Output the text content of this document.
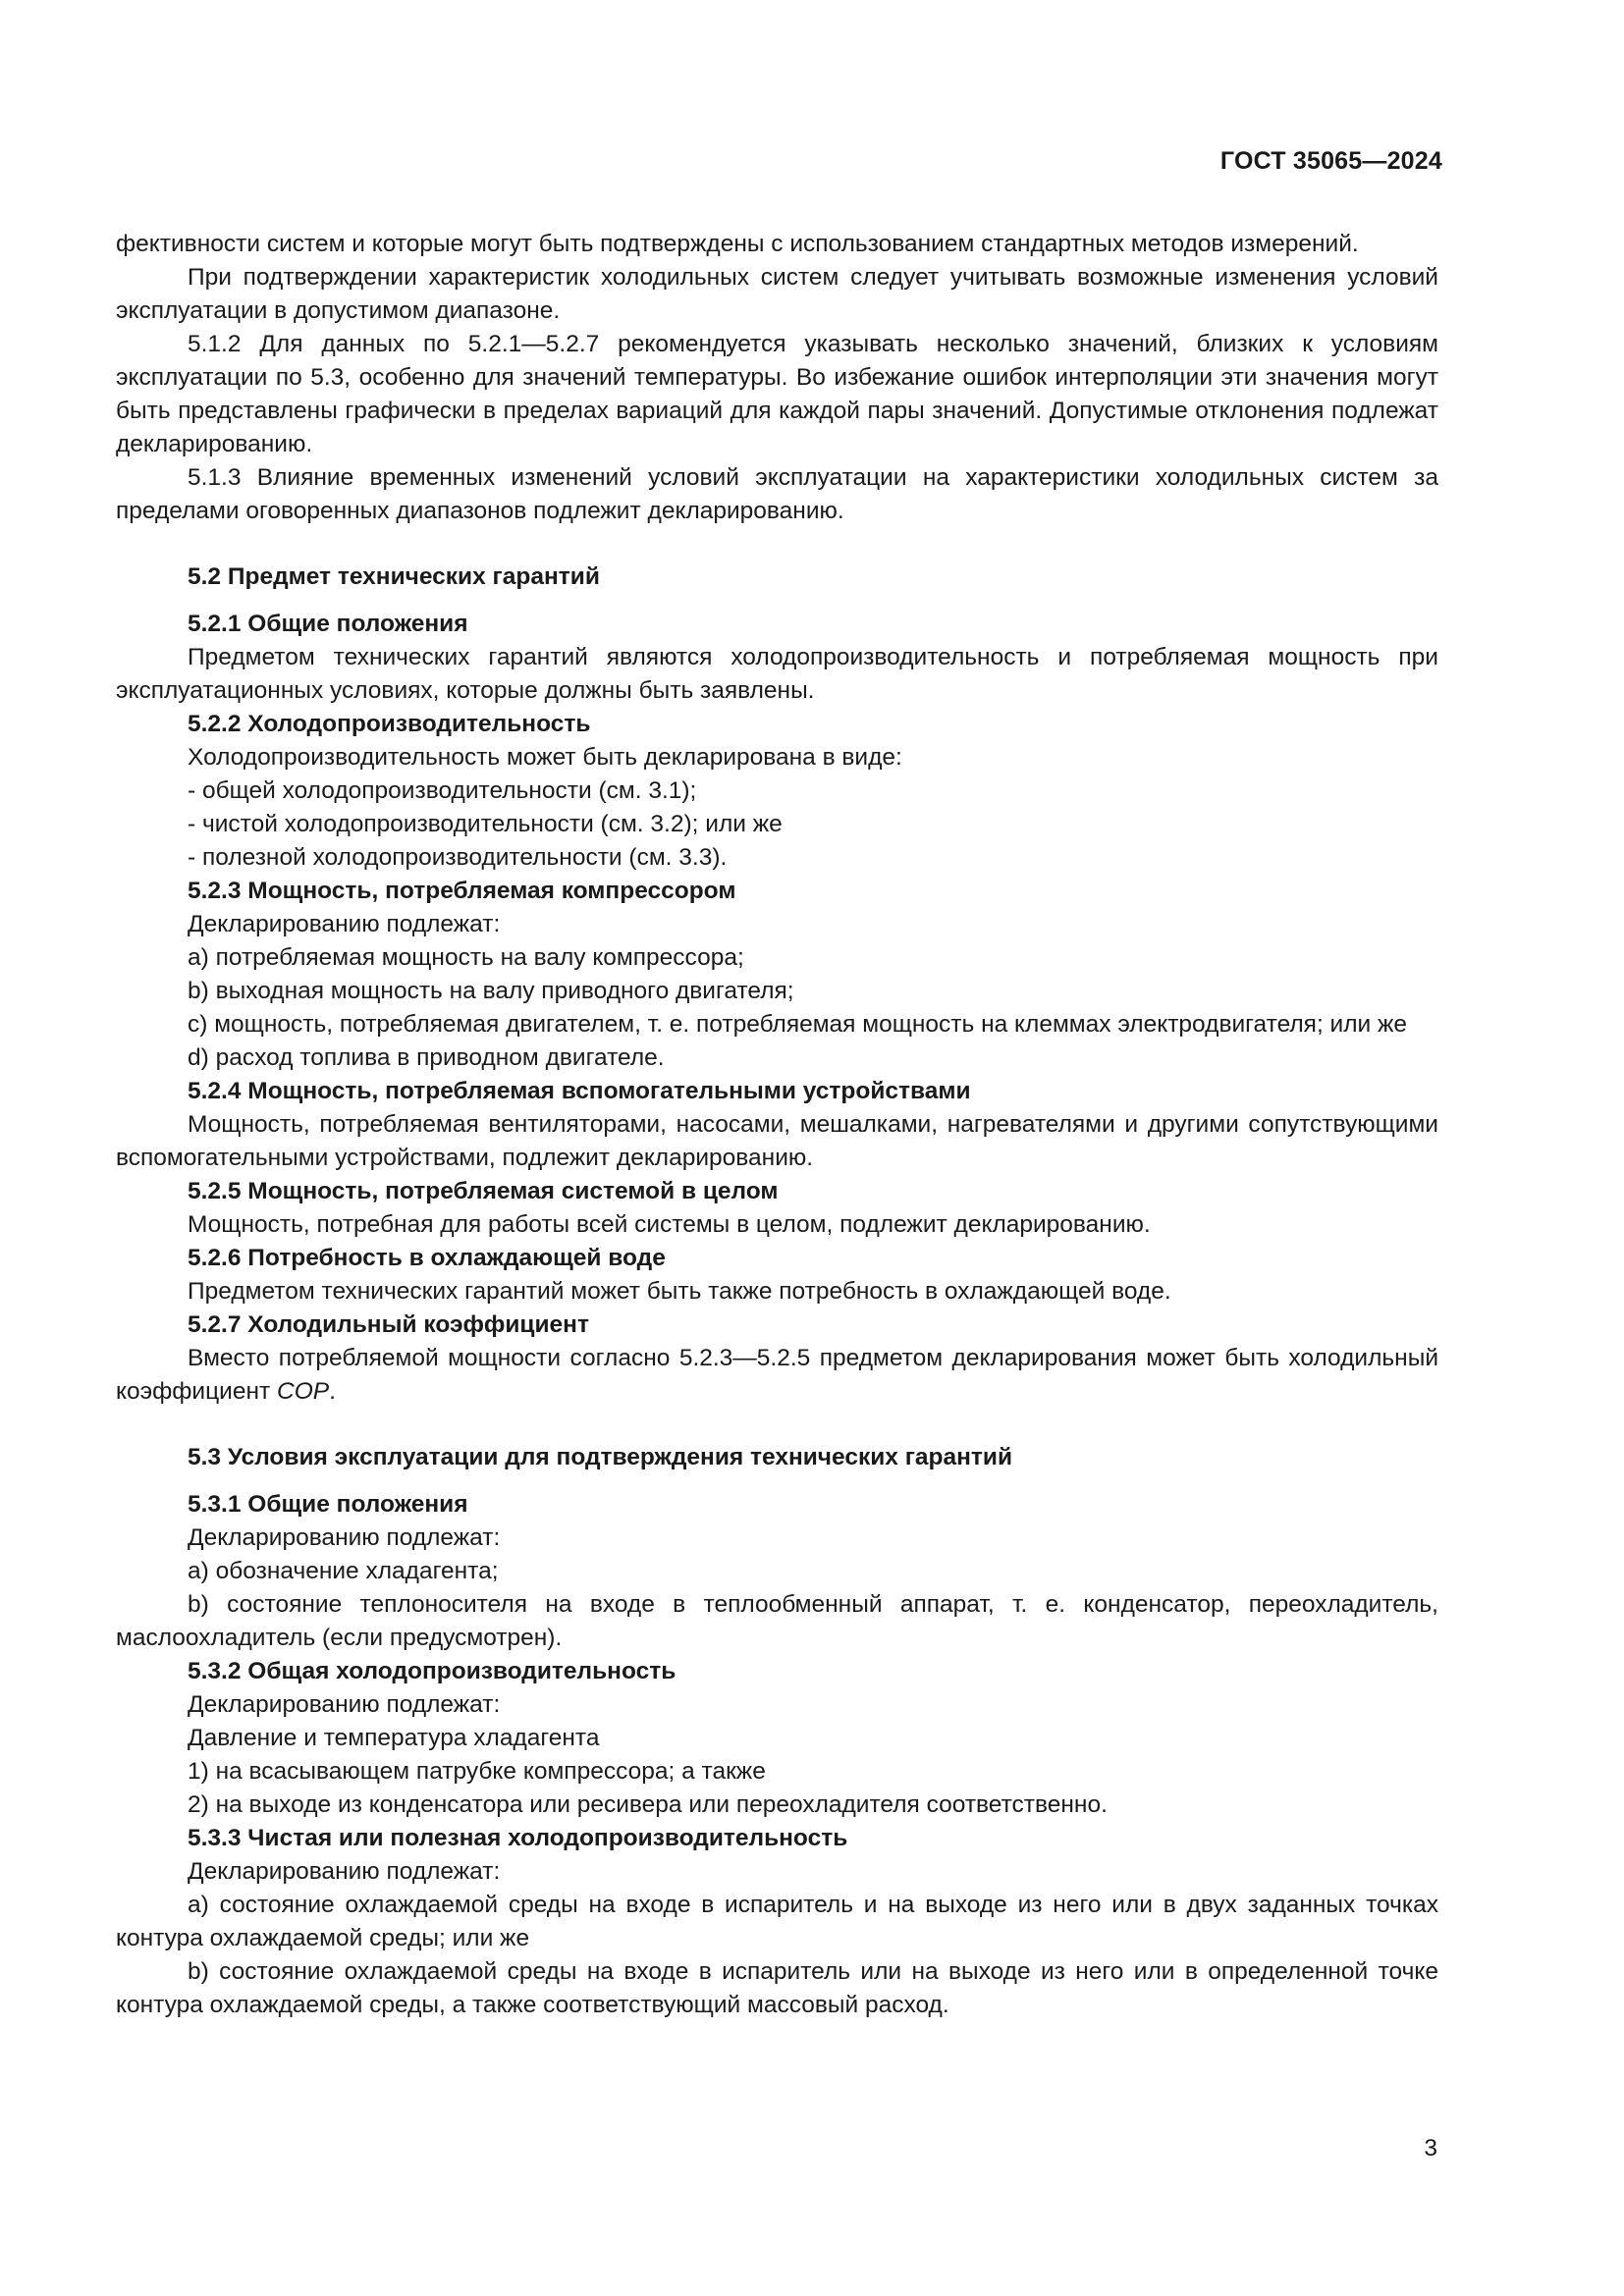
ГОСТ 35065—2024

фективности систем и которые могут быть подтверждены с использованием стандартных методов измерений.

При подтверждении характеристик холодильных систем следует учитывать возможные изменения условий эксплуатации в допустимом диапазоне.

5.1.2 Для данных по 5.2.1—5.2.7 рекомендуется указывать несколько значений, близких к условиям эксплуатации по 5.3, особенно для значений температуры. Во избежание ошибок интерполяции эти значения могут быть представлены графически в пределах вариаций для каждой пары значений. Допустимые отклонения подлежат декларированию.

5.1.3 Влияние временных изменений условий эксплуатации на характеристики холодильных систем за пределами оговоренных диапазонов подлежит декларированию.

5.2 Предмет технических гарантий

5.2.1 Общие положения

Предметом технических гарантий являются холодопроизводительность и потребляемая мощность при эксплуатационных условиях, которые должны быть заявлены.

5.2.2 Холодопроизводительность

Холодопроизводительность может быть декларирована в виде:

- общей холодопроизводительности (см. 3.1);

- чистой холодопроизводительности (см. 3.2); или же

- полезной холодопроизводительности (см. 3.3).

5.2.3 Мощность, потребляемая компрессором

Декларированию подлежат:

a) потребляемая мощность на валу компрессора;

b) выходная мощность на валу приводного двигателя;

c) мощность, потребляемая двигателем, т. е. потребляемая мощность на клеммах электродвигателя; или же

d) расход топлива в приводном двигателе.

5.2.4 Мощность, потребляемая вспомогательными устройствами

Мощность, потребляемая вентиляторами, насосами, мешалками, нагревателями и другими сопутствующими вспомогательными устройствами, подлежит декларированию.

5.2.5 Мощность, потребляемая системой в целом

Мощность, потребная для работы всей системы в целом, подлежит декларированию.

5.2.6 Потребность в охлаждающей воде

Предметом технических гарантий может быть также потребность в охлаждающей воде.

5.2.7 Холодильный коэффициент

Вместо потребляемой мощности согласно 5.2.3—5.2.5 предметом декларирования может быть холодильный коэффициент COP.

5.3 Условия эксплуатации для подтверждения технических гарантий

5.3.1 Общие положения

Декларированию подлежат:

a) обозначение хладагента;

b) состояние теплоносителя на входе в теплообменный аппарат, т. е. конденсатор, переохладитель, маслоохладитель (если предусмотрен).

5.3.2 Общая холодопроизводительность

Декларированию подлежат:

Давление и температура хладагента

1) на всасывающем патрубке компрессора; а также

2) на выходе из конденсатора или ресивера или переохладителя соответственно.

5.3.3 Чистая или полезная холодопроизводительность

Декларированию подлежат:

a) состояние охлаждаемой среды на входе в испаритель и на выходе из него или в двух заданных точках контура охлаждаемой среды; или же

b) состояние охлаждаемой среды на входе в испаритель или на выходе из него или в определенной точке контура охлаждаемой среды, а также соответствующий массовый расход.

3
